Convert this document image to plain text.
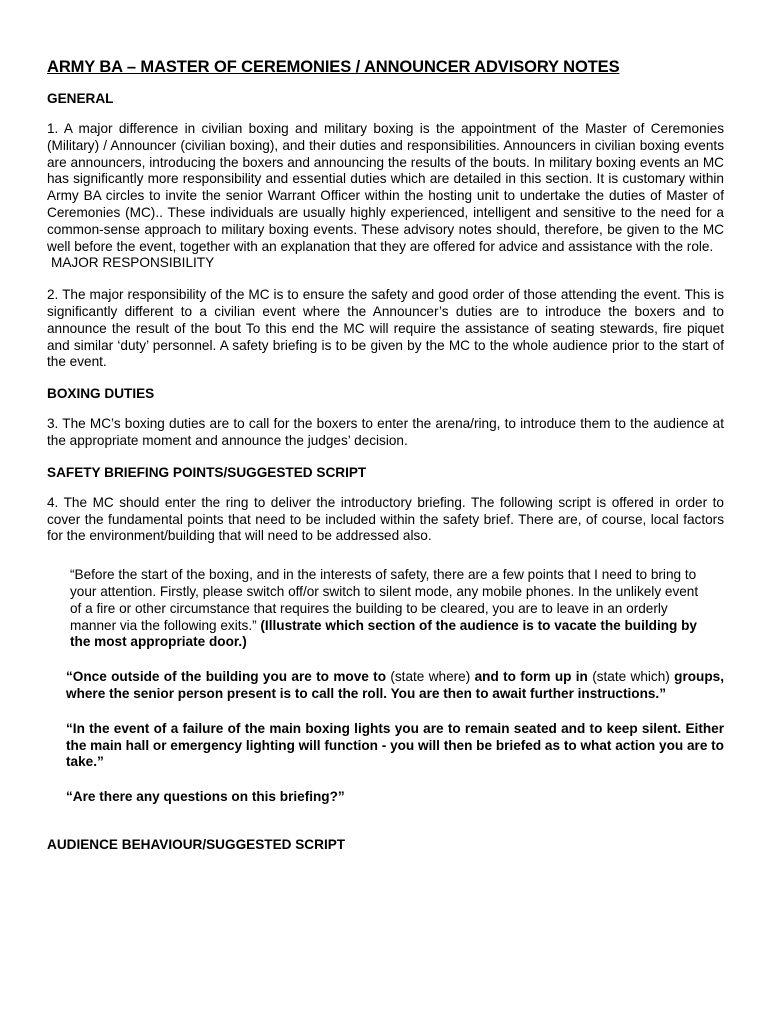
ARMY BA – MASTER OF CEREMONIES / ANNOUNCER ADVISORY NOTES
GENERAL
1. A major difference in civilian boxing and military boxing is the appointment of the Master of Ceremonies (Military) / Announcer (civilian boxing), and their duties and responsibilities. Announcers in civilian boxing events are announcers, introducing the boxers and announcing the results of the bouts. In military boxing events an MC has significantly more responsibility and essential duties which are detailed in this section. It is customary within Army BA circles to invite the senior Warrant Officer within the hosting unit to undertake the duties of Master of Ceremonies (MC).. These individuals are usually highly experienced, intelligent and sensitive to the need for a common-sense approach to military boxing events. These advisory notes should, therefore, be given to the MC well before the event, together with an explanation that they are offered for advice and assistance with the role.
MAJOR RESPONSIBILITY
2. The major responsibility of the MC is to ensure the safety and good order of those attending the event. This is significantly different to a civilian event where the Announcer’s duties are to introduce the boxers and to announce the result of the bout To this end the MC will require the assistance of seating stewards, fire piquet and similar ‘duty’ personnel. A safety briefing is to be given by the MC to the whole audience prior to the start of the event.
BOXING DUTIES
3. The MC’s boxing duties are to call for the boxers to enter the arena/ring, to introduce them to the audience at the appropriate moment and announce the judges’ decision.
SAFETY BRIEFING POINTS/SUGGESTED SCRIPT
4. The MC should enter the ring to deliver the introductory briefing. The following script is offered in order to cover the fundamental points that need to be included within the safety brief. There are, of course, local factors for the environment/building that will need to be addressed also.
“Before the start of the boxing, and in the interests of safety, there are a few points that I need to bring to your attention. Firstly, please switch off/or switch to silent mode, any mobile phones. In the unlikely event of a fire or other circumstance that requires the building to be cleared, you are to leave in an orderly manner via the following exits.” (Illustrate which section of the audience is to vacate the building by the most appropriate door.)
“Once outside of the building you are to move to (state where) and to form up in (state which) groups, where the senior person present is to call the roll. You are then to await further instructions.”
“In the event of a failure of the main boxing lights you are to remain seated and to keep silent. Either the main hall or emergency lighting will function - you will then be briefed as to what action you are to take.”
“Are there any questions on this briefing?”
AUDIENCE BEHAVIOUR/SUGGESTED SCRIPT
